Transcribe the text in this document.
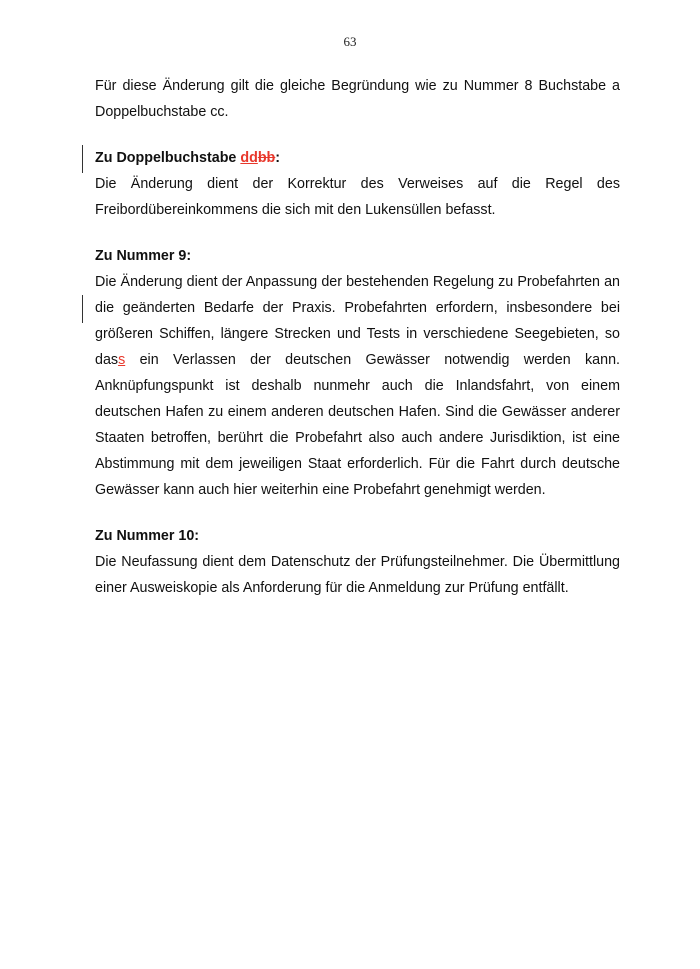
63

Für diese Änderung gilt die gleiche Begründung wie zu Nummer 8 Buchstabe a Doppelbuchstabe cc.

Zu Doppelbuchstabe ddbb:

Die Änderung dient der Korrektur des Verweises auf die Regel des Freibordübereinkommens die sich mit den Lukensüllen befasst.

Zu Nummer 9:

Die Änderung dient der Anpassung der bestehenden Regelung zu Probefahrten an die geänderten Bedarfe der Praxis. Probefahrten erfordern, insbesondere bei größeren Schiffen, längere Strecken und Tests in verschiedene Seegebieten, so dass ein Verlassen der deutschen Gewässer notwendig werden kann. Anknüpfungspunkt ist deshalb nunmehr auch die Inlandsfahrt, von einem deutschen Hafen zu einem anderen deutschen Hafen. Sind die Gewässer anderer Staaten betroffen, berührt die Probefahrt also auch andere Jurisdiktion, ist eine Abstimmung mit dem jeweiligen Staat erforderlich. Für die Fahrt durch deutsche Gewässer kann auch hier weiterhin eine Probefahrt genehmigt werden.

Zu Nummer 10:

Die Neufassung dient dem Datenschutz der Prüfungsteilnehmer. Die Übermittlung einer Ausweiskopie als Anforderung für die Anmeldung zur Prüfung entfällt.
